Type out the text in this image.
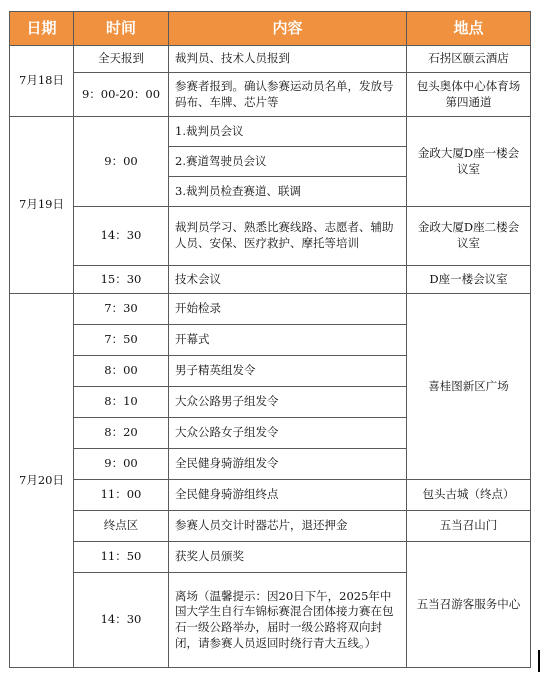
日期	时间	内容	地点
7月18日	全天报到	裁判员、技术人员报到	石拐区颐云酒店
	9：00-20：00	参赛者报到。确认参赛运动员名单，发放号码布、车牌、芯片等	包头奥体中心体育场第四通道
7月19日	9：00	1.裁判员会议	金政大厦D座一楼会议室
		2.赛道驾驶员会议	
		3.裁判员检查赛道、联调	
	14：30	裁判员学习、熟悉比赛线路、志愿者、辅助人员、安保、医疗救护、摩托等培训	金政大厦D座二楼会议室
	15：30	技术会议	D座一楼会议室
7月20日	7：30	开始检录	喜桂图新区广场
	7：50	开幕式	
	8：00	男子精英组发令	
	8：10	大众公路男子组发令	
	8：20	大众公路女子组发令	
	9：00	全民健身骑游组发令	
	11：00	全民健身骑游组终点	包头古城（终点）
	终点区	参赛人员交计时器芯片，退还押金	五当召山门
	11：50	获奖人员颁奖	五当召游客服务中心
	14：30	离场（温馨提示：因20日下午，2025年中国大学生自行车锦标赛混合团体接力赛在包石一级公路举办，届时一级公路将双向封闭，请参赛人员返回时绕行青大五线。）	
